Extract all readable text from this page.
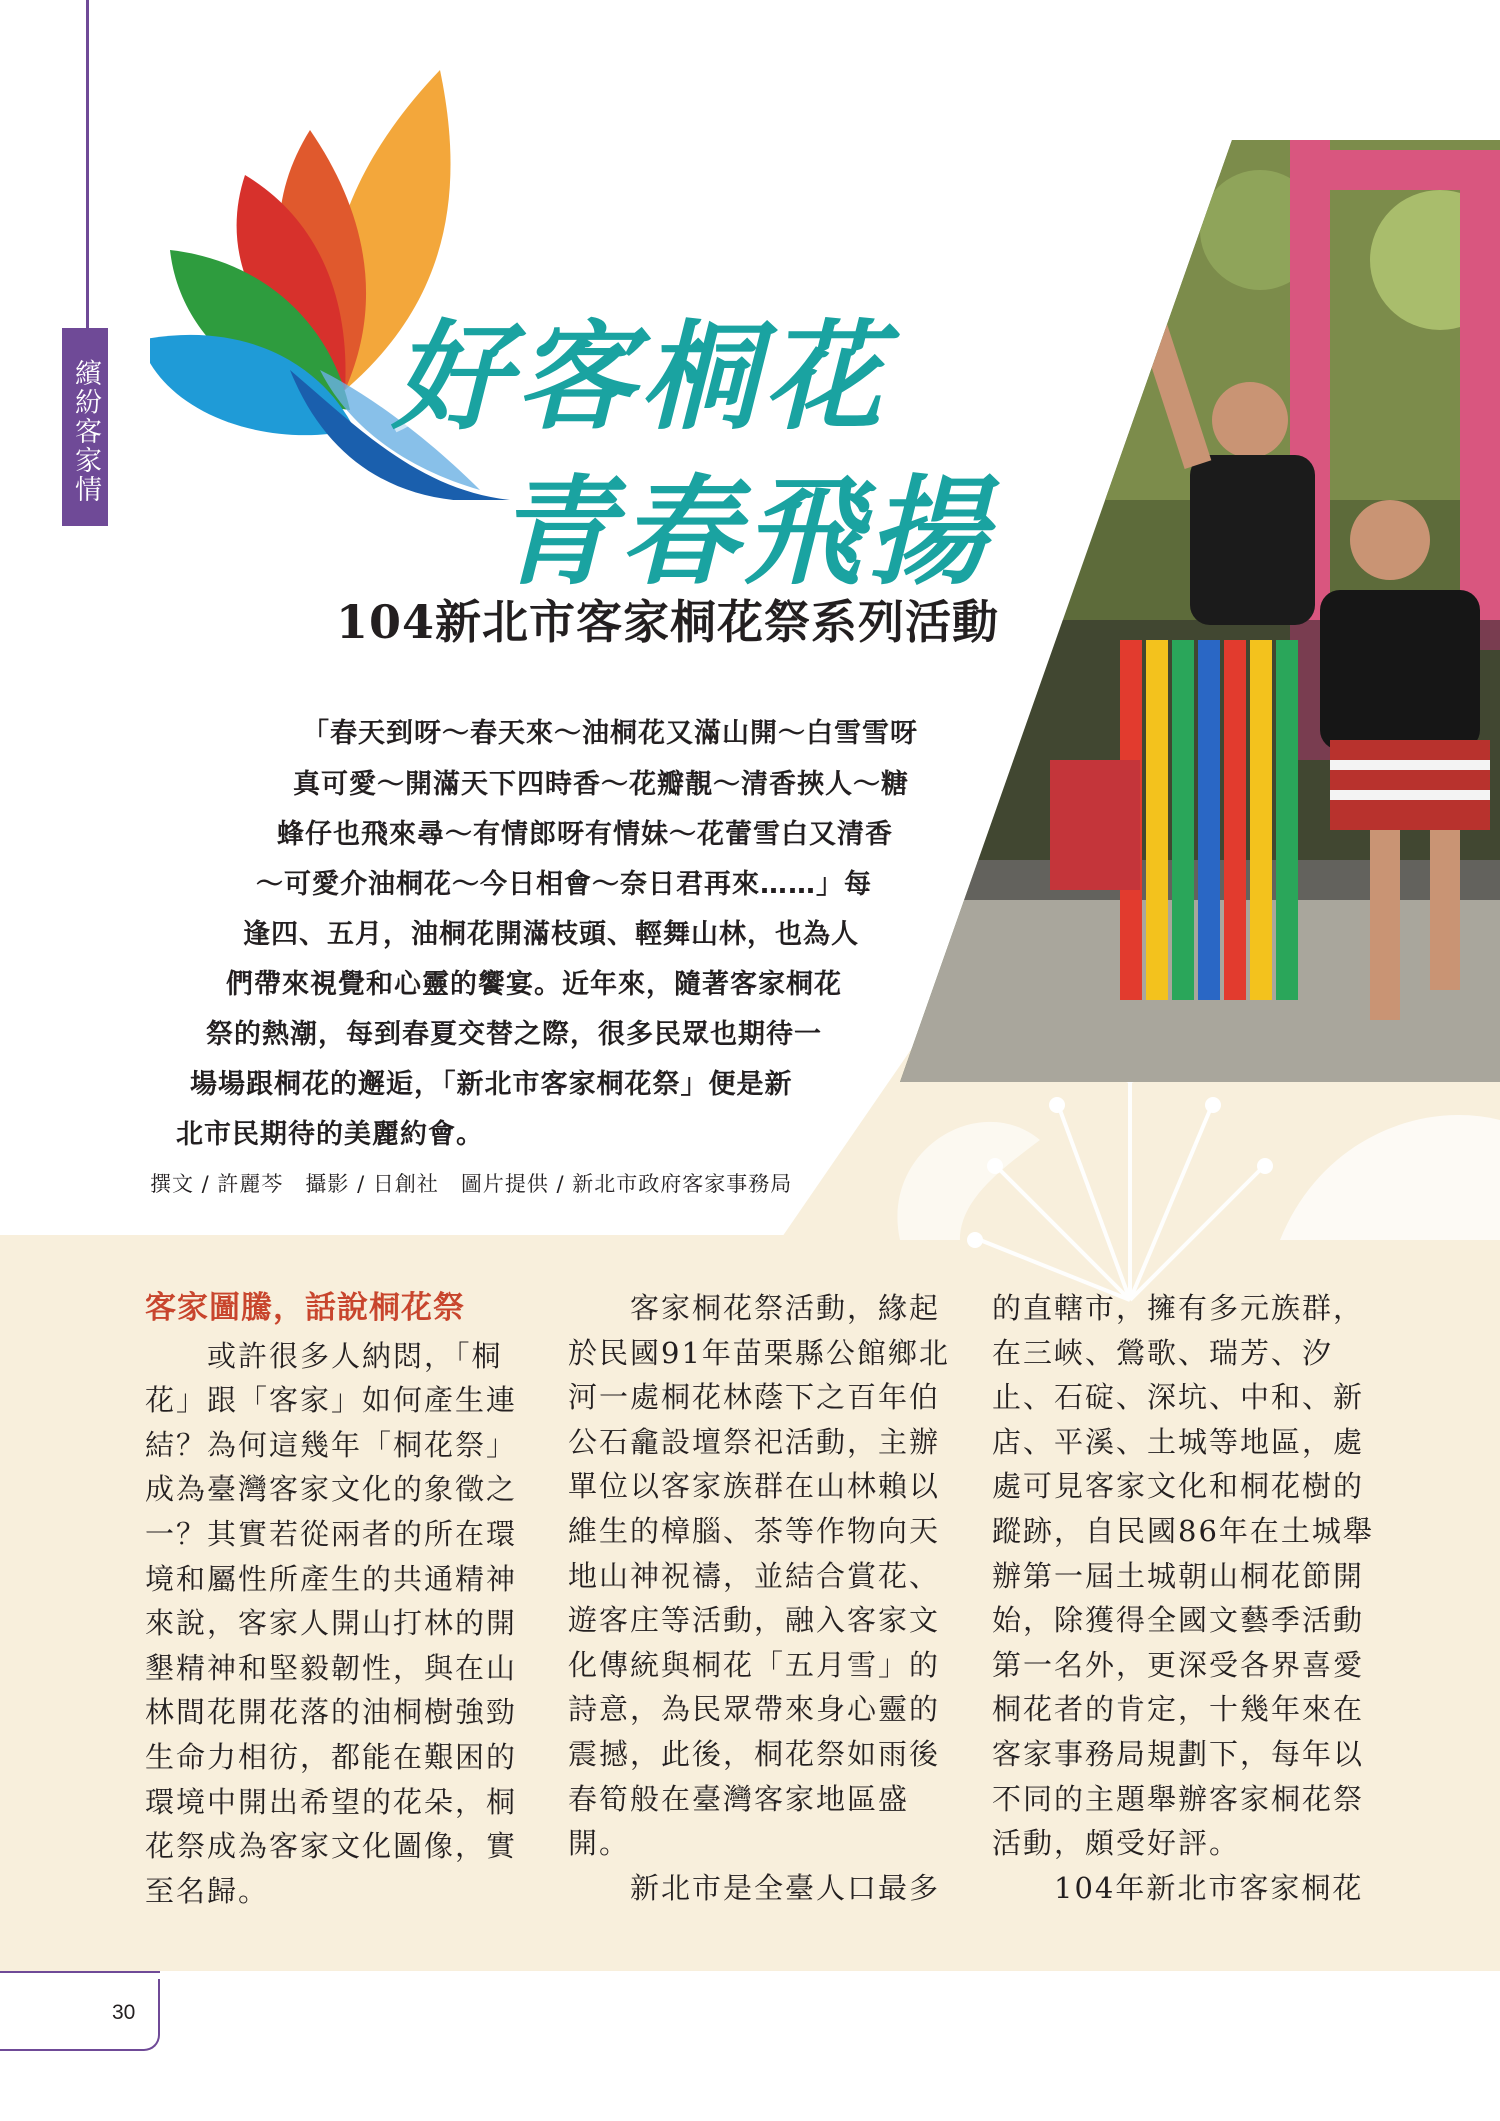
繽紛客家情 好客桐花
青春飛揚
104新北市客家桐花祭系列活動
「春天到呀～春天來～油桐花又滿山開～白雪雪呀
真可愛～開滿天下四時香～花瓣靚～清香挾人～糖
蜂仔也飛來尋～有情郎呀有情妹～花蕾雪白又清香
～可愛介油桐花～今日相會～奈日君再來……」每
逢四、五月，油桐花開滿枝頭、輕舞山林，也為人
們帶來視覺和心靈的饗宴。近年來，隨著客家桐花
祭的熱潮，每到春夏交替之際，很多民眾也期待一
場場跟桐花的邂逅，「新北市客家桐花祭」便是新
北市民期待的美麗約會。
撰文 / 許麗芩　攝影 / 日創社　圖片提供 / 新北市政府客家事務局

客家圖騰，話說桐花祭

　　或許很多人納悶，「桐

花」跟「客家」如何產生連

結？為何這幾年「桐花祭」

成為臺灣客家文化的象徵之

一？其實若從兩者的所在環

境和屬性所產生的共通精神

來說，客家人開山打林的開

墾精神和堅毅韌性，與在山

林間花開花落的油桐樹強勁

生命力相彷，都能在艱困的

環境中開出希望的花朵，桐

花祭成為客家文化圖像，實

至名歸。

　　客家桐花祭活動，緣起

於民國91年苗栗縣公館鄉北

河一處桐花林蔭下之百年伯

公石龕設壇祭祀活動，主辦

單位以客家族群在山林賴以

維生的樟腦、茶等作物向天

地山神祝禱，並結合賞花、

遊客庄等活動，融入客家文

化傳統與桐花「五月雪」的

詩意，為民眾帶來身心靈的

震撼，此後，桐花祭如雨後

春筍般在臺灣客家地區盛

開。

　　新北市是全臺人口最多

的直轄市，擁有多元族群，

在三峽、鶯歌、瑞芳、汐

止、石碇、深坑、中和、新

店、平溪、土城等地區，處

處可見客家文化和桐花樹的

蹤跡，自民國86年在土城舉

辦第一屆土城朝山桐花節開

始，除獲得全國文藝季活動

第一名外，更深受各界喜愛

桐花者的肯定，十幾年來在

客家事務局規劃下，每年以

不同的主題舉辦客家桐花祭

活動，頗受好評。

　　104年新北市客家桐花

30
